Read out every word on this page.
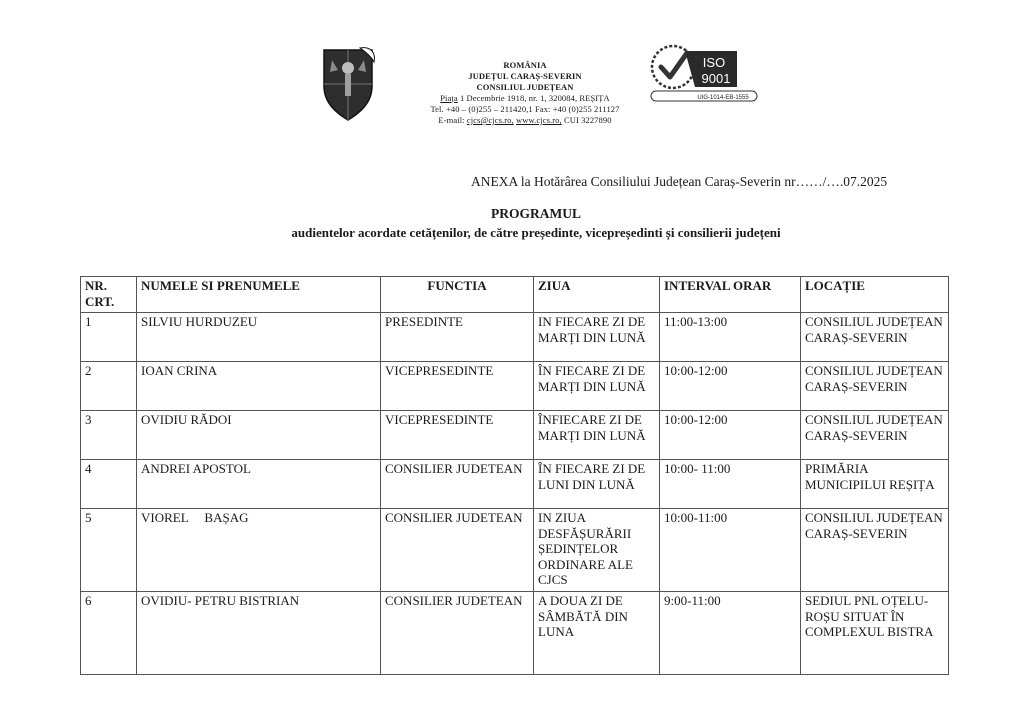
ROMÂNIA
JUDEȚUL CARAȘ-SEVERIN
CONSILIUL JUDEȚEAN
Piața 1 Decembrie 1918, nr. 1, 320084, REȘIȚA
Tel. +40 – (0)255 – 211420,1 Fax: +40 (0)255 211127
E-mail: cjcs@cjcs.ro, www.cjcs.ro, CUI 3227890
ISO
9001
UIG-1014-EB-1555
ANEXA la Hotărârea Consiliului Județean Caraș-Severin nr……/….07.2025
PROGRAMUL
audientelor acordate cetățenilor, de către președinte, vicepreședinti și consilierii județeni
NR. CRT.	NUMELE SI PRENUMELE	FUNCTIA	ZIUA	INTERVAL ORAR	LOCAȚIE
1	SILVIU HURDUZEU	PRESEDINTE	IN FIECARE ZI DE MARȚI DIN LUNĂ	11:00-13:00	CONSILIUL JUDEȚEAN CARAȘ-SEVERIN
2	IOAN CRINA	VICEPRESEDINTE	ÎN FIECARE ZI DE MARȚI DIN LUNĂ	10:00-12:00	CONSILIUL JUDEȚEAN CARAȘ-SEVERIN
3	OVIDIU RĂDOI	VICEPRESEDINTE	ÎNFIECARE ZI DE MARȚI DIN LUNĂ	10:00-12:00	CONSILIUL JUDEȚEAN CARAȘ-SEVERIN
4	ANDREI APOSTOL	CONSILIER JUDETEAN	ÎN FIECARE ZI DE LUNI DIN LUNĂ	10:00- 11:00	PRIMĂRIA MUNICIPILUI REȘIȚA
5	VIOREL     BAȘAG	CONSILIER JUDETEAN	IN ZIUA DESFĂȘURĂRII ȘEDINȚELOR ORDINARE ALE CJCS	10:00-11:00	CONSILIUL JUDEȚEAN CARAȘ-SEVERIN
6	OVIDIU- PETRU BISTRIAN	CONSILIER JUDETEAN	A DOUA ZI DE SÂMBĂTĂ DIN LUNA	9:00-11:00	SEDIUL PNL OȚELU-ROȘU SITUAT ÎN COMPLEXUL BISTRA
